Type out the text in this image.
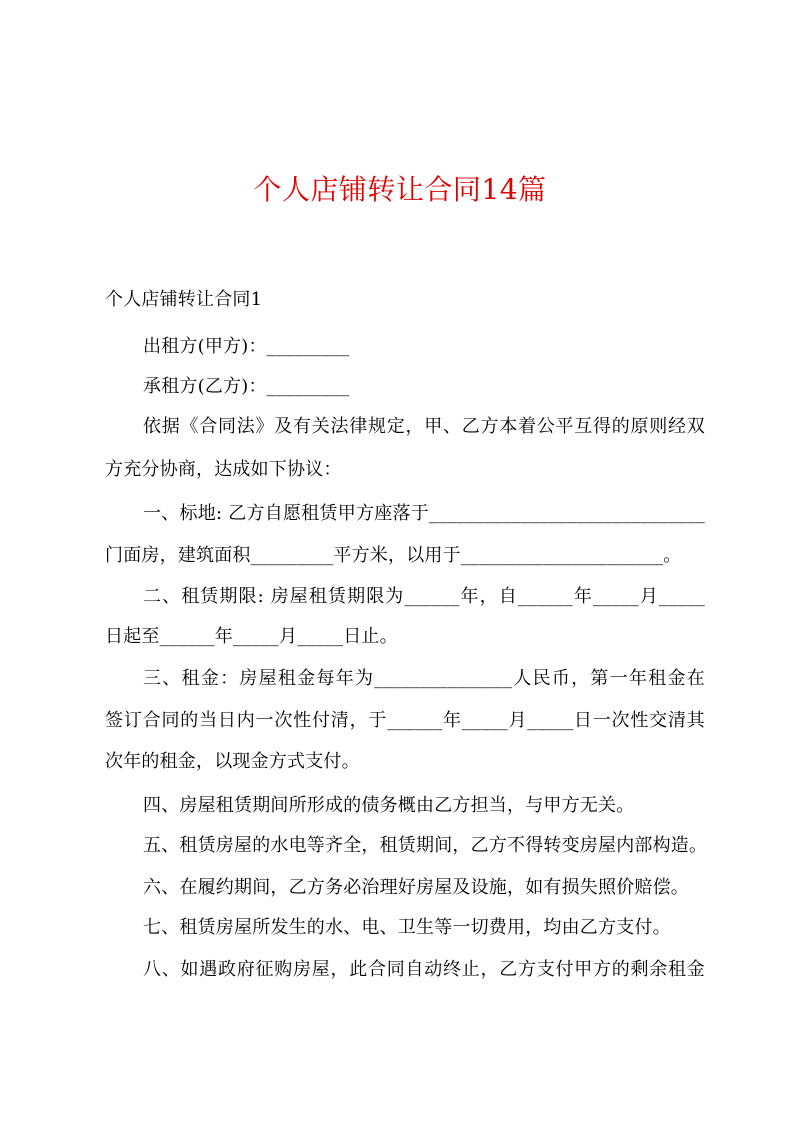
个人店铺转让合同14篇
个人店铺转让合同1
出租方(甲方)：_________
承租方(乙方)：_________
依据《合同法》及有关法律规定，甲、乙方本着公平互得的原则经双
方充分协商，达成如下协议：
一、标地: 乙方自愿租赁甲方座落于______________________________
门面房，建筑面积_________平方米，以用于______________________。
二、租赁期限: 房屋租赁期限为______年，自______年_____月_____
日起至______年_____月_____日止。
三、租金：房屋租金每年为_______________人民币，第一年租金在
签订合同的当日内一次性付清，于______年_____月_____日一次性交清其
次年的租金，以现金方式支付。
四、房屋租赁期间所形成的债务概由乙方担当，与甲方无关。
五、租赁房屋的水电等齐全，租赁期间，乙方不得转变房屋内部构造。
六、在履约期间，乙方务必治理好房屋及设施，如有损失照价赔偿。
七、租赁房屋所发生的水、电、卫生等一切费用，均由乙方支付。
八、如遇政府征购房屋，此合同自动终止，乙方支付甲方的剩余租金
